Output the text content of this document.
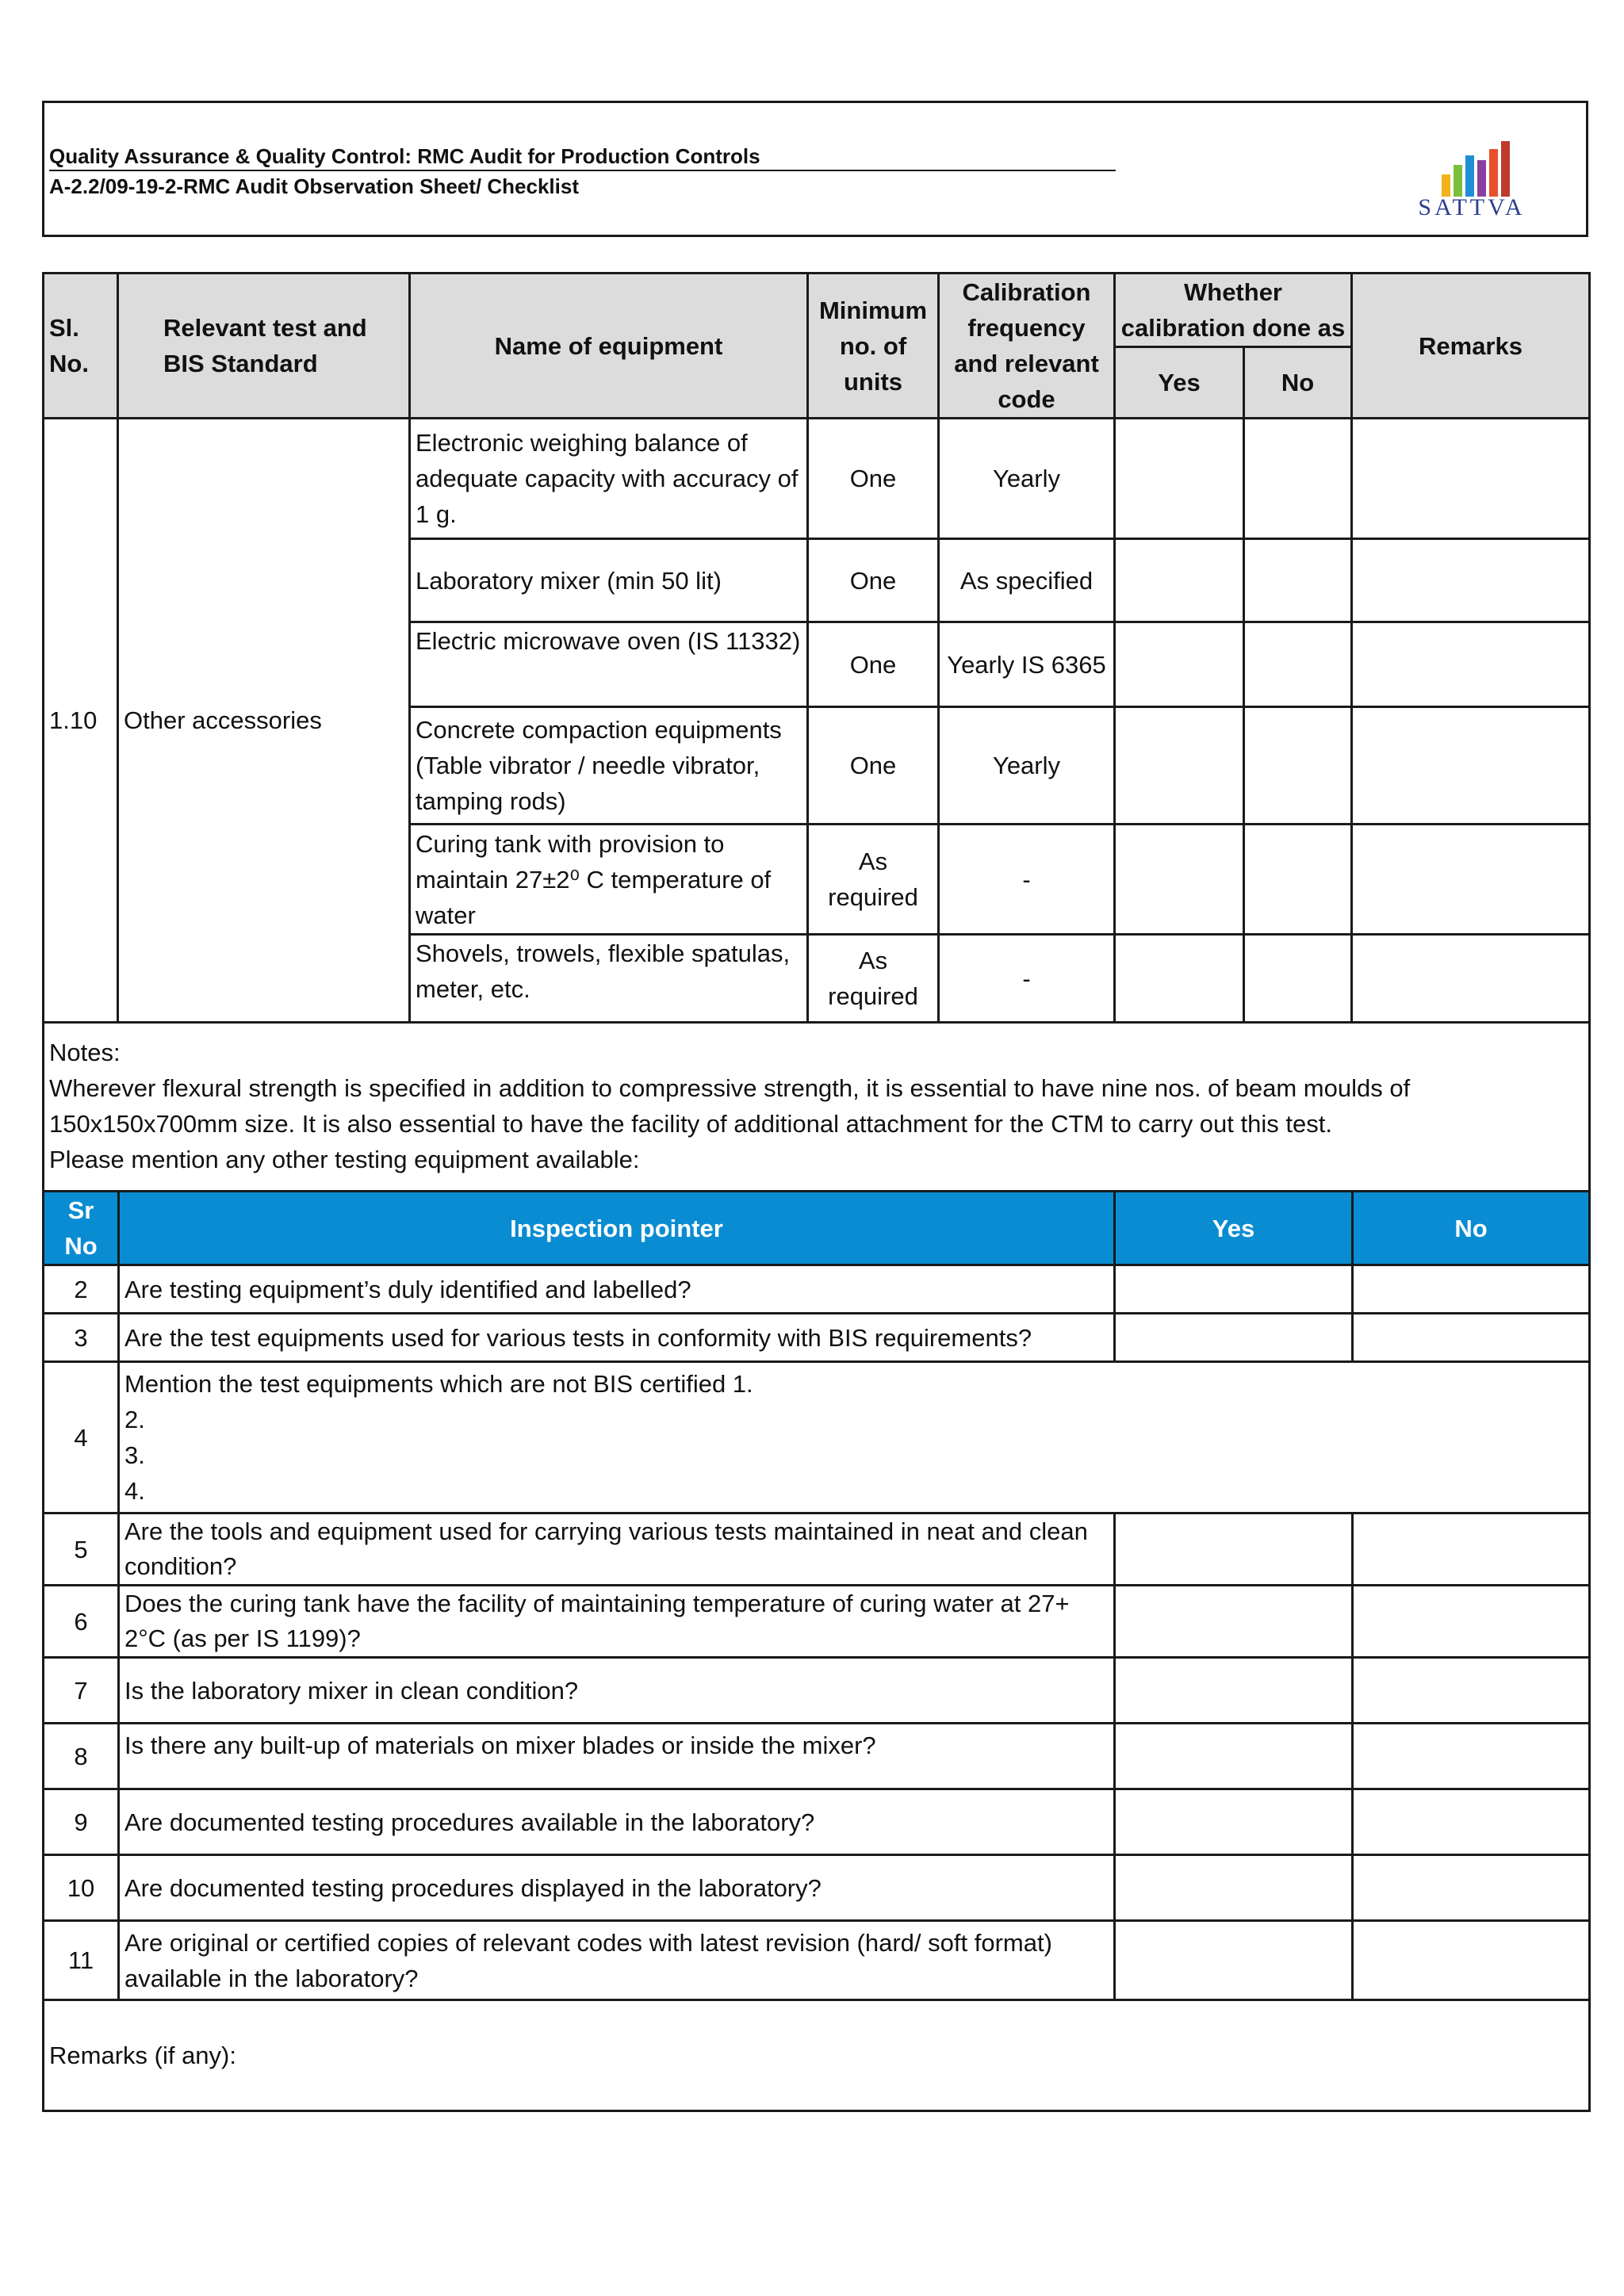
Quality Assurance & Quality Control: RMC Audit for Production Controls
A-2.2/09-19-2-RMC Audit Observation Sheet/ Checklist
SATTVA
Sl. No.	Relevant test and BIS Standard	Name of equipment	Minimum no. of units	Calibration frequency and relevant code	Whether calibration done as		Remarks
					Yes	No	
1.10	Other accessories	Electronic weighing balance of adequate capacity with accuracy of 1 g.	One	Yearly			
		Laboratory mixer (min 50 lit)	One	As specified			
		Electric microwave oven (IS 11332)	One	Yearly IS 6365			
		Concrete compaction equipments (Table vibrator / needle vibrator, tamping rods)	One	Yearly			
		Curing tank with provision to maintain 27±2⁰ C temperature of water	As required	-			
		Shovels, trowels, flexible spatulas, meter, etc.	As required	-			

Notes:
Wherever flexural strength is specified in addition to compressive strength, it is essential to have nine nos. of beam moulds of 150x150x700mm size. It is also essential to have the facility of additional attachment for the CTM to carry out this test.
Please mention any other testing equipment available:							
Sr No	Inspection pointer	Yes	No
2	Are testing equipment’s duly identified and labelled?		
3	Are the test equipments used for various tests in conformity with BIS requirements?		
4	Mention the test equipments which are not BIS certified 1.
2.
3.
4.		

5	Are the tools and equipment used for carrying various tests maintained in neat and clean condition?		
6	Does the curing tank have the facility of maintaining temperature of curing water at 27+ 2°C (as per IS 1199)?		
7	Is the laboratory mixer in clean condition?		
8	Is there any built-up of materials on mixer blades or inside the mixer?		
9	Are documented testing procedures available in the laboratory?		
10	Are documented testing procedures displayed in the laboratory?		
11	Are original or certified copies of relevant codes with latest revision (hard/ soft format) available in the laboratory?		
Remarks (if any):			
